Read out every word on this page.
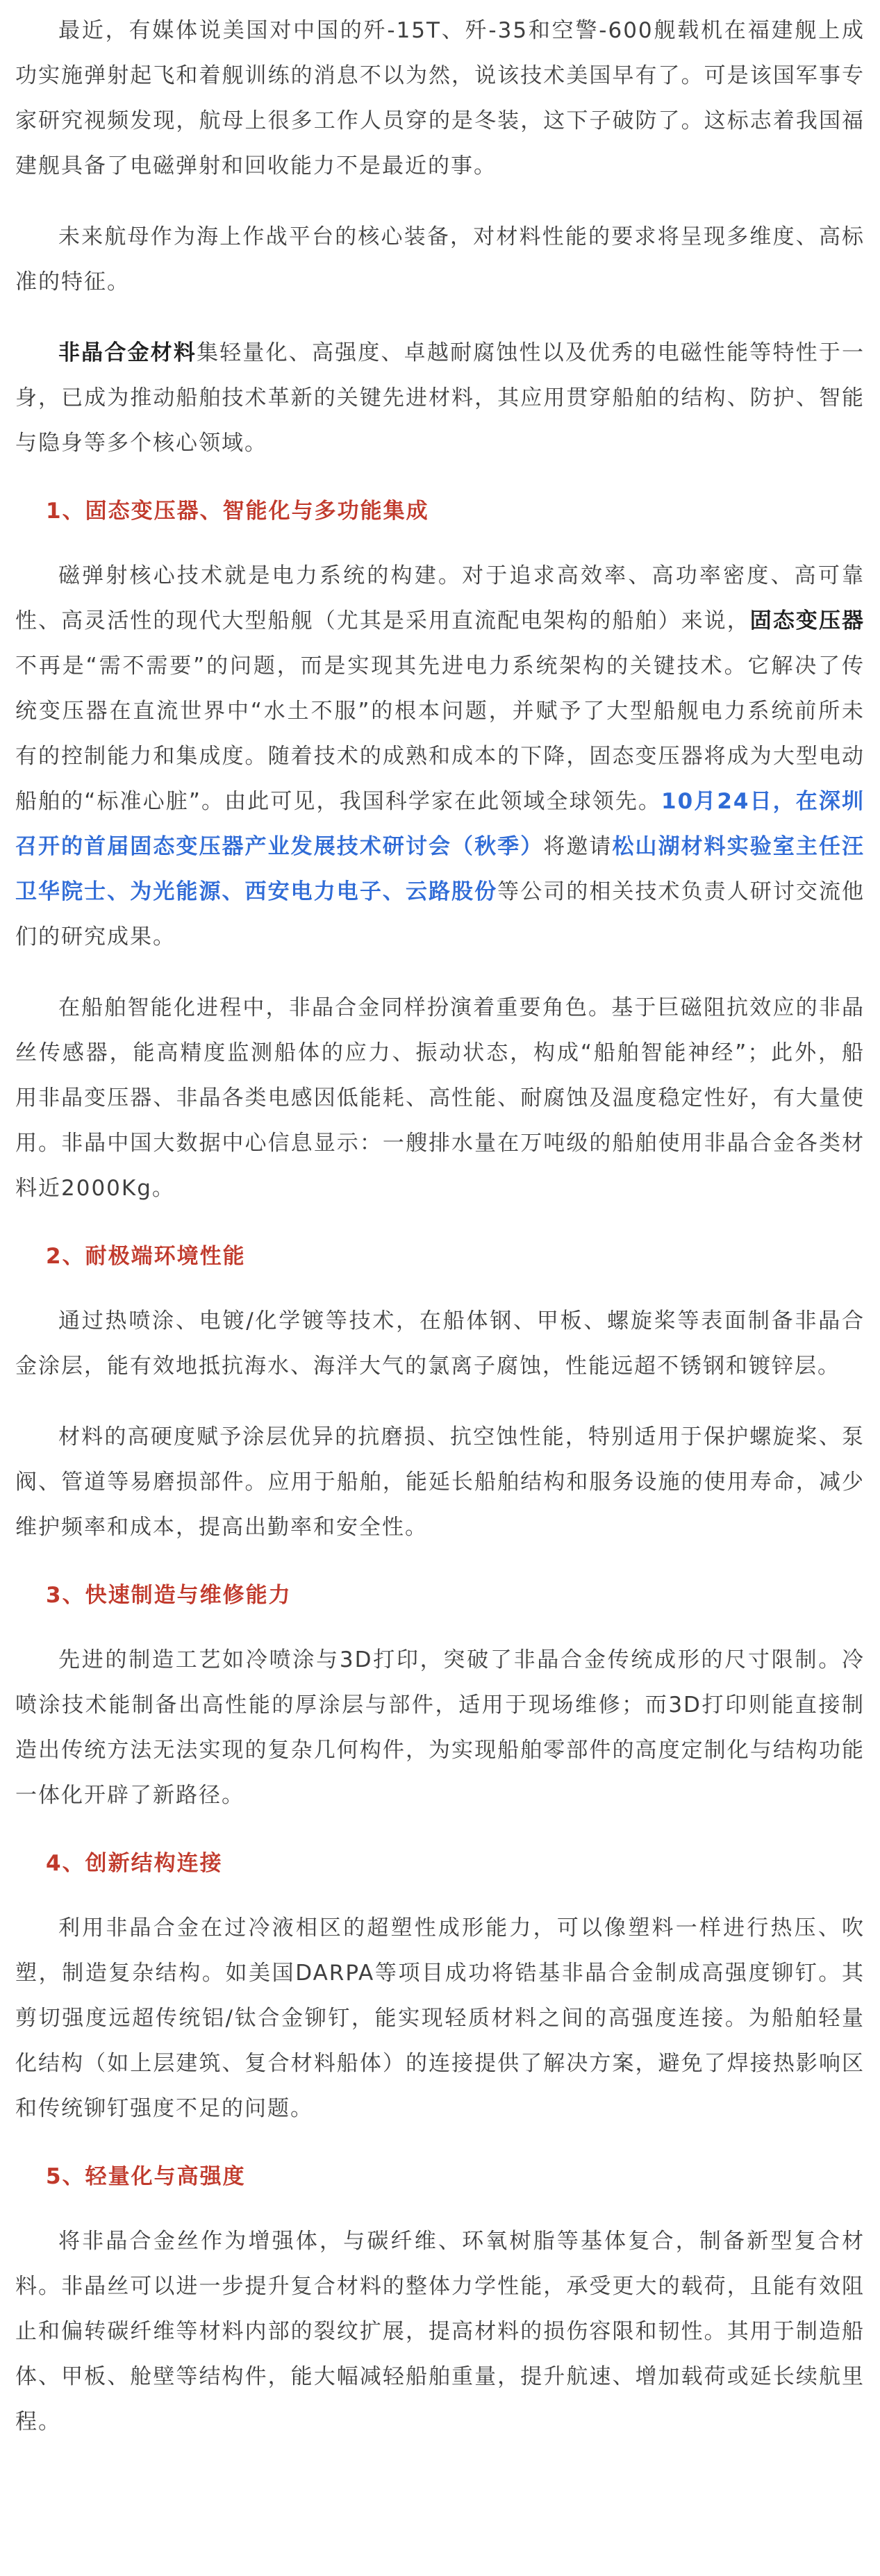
最近，有媒体说美国对中国的歼-15T、歼-35和空警-600舰载机在福建舰上成功实施弹射起飞和着舰训练的消息不以为然，说该技术美国早有了。可是该国军事专家研究视频发现，航母上很多工作人员穿的是冬装，这下子破防了。这标志着我国福建舰具备了电磁弹射和回收能力不是最近的事。

未来航母作为海上作战平台的核心装备，对材料性能的要求将呈现多维度、高标准的特征。

非晶合金材料集轻量化、高强度、卓越耐腐蚀性以及优秀的电磁性能等特性于一身，已成为推动船舶技术革新的关键先进材料，其应用贯穿船舶的结构、防护、智能与隐身等多个核心领域。

1、固态变压器、智能化与多功能集成

磁弹射核心技术就是电力系统的构建。对于追求高效率、高功率密度、高可靠性、高灵活性的现代大型船舰（尤其是采用直流配电架构的船舶）来说，固态变压器不再是“需不需要”的问题，而是实现其先进电力系统架构的关键技术。它解决了传统变压器在直流世界中“水土不服”的根本问题，并赋予了大型船舰电力系统前所未有的控制能力和集成度。随着技术的成熟和成本的下降，固态变压器将成为大型电动船舶的“标准心脏”。由此可见，我国科学家在此领域全球领先。10月24日，在深圳召开的首届固态变压器产业发展技术研讨会（秋季）将邀请松山湖材料实验室主任汪卫华院士、为光能源、西安电力电子、云路股份等公司的相关技术负责人研讨交流他们的研究成果。

在船舶智能化进程中，非晶合金同样扮演着重要角色。基于巨磁阻抗效应的非晶丝传感器，能高精度监测船体的应力、振动状态，构成“船舶智能神经”；此外，船用非晶变压器、非晶各类电感因低能耗、高性能、耐腐蚀及温度稳定性好，有大量使用。非晶中国大数据中心信息显示：一艘排水量在万吨级的船舶使用非晶合金各类材料近2000Kg。

2、耐极端环境性能

通过热喷涂、电镀/化学镀等技术，在船体钢、甲板、螺旋桨等表面制备非晶合金涂层，能有效地抵抗海水、海洋大气的氯离子腐蚀，性能远超不锈钢和镀锌层。

材料的高硬度赋予涂层优异的抗磨损、抗空蚀性能，特别适用于保护螺旋桨、泵阀、管道等易磨损部件。应用于船舶，能延长船舶结构和服务设施的使用寿命，减少维护频率和成本，提高出勤率和安全性。

3、快速制造与维修能力

先进的制造工艺如冷喷涂与3D打印，突破了非晶合金传统成形的尺寸限制。冷喷涂技术能制备出高性能的厚涂层与部件，适用于现场维修；而3D打印则能直接制造出传统方法无法实现的复杂几何构件，为实现船舶零部件的高度定制化与结构功能一体化开辟了新路径。

4、创新结构连接

利用非晶合金在过冷液相区的超塑性成形能力，可以像塑料一样进行热压、吹塑，制造复杂结构。如美国DARPA等项目成功将锆基非晶合金制成高强度铆钉。其剪切强度远超传统铝/钛合金铆钉，能实现轻质材料之间的高强度连接。为船舶轻量化结构（如上层建筑、复合材料船体）的连接提供了解决方案，避免了焊接热影响区和传统铆钉强度不足的问题。

5、轻量化与高强度

将非晶合金丝作为增强体，与碳纤维、环氧树脂等基体复合，制备新型复合材料。非晶丝可以进一步提升复合材料的整体力学性能，承受更大的载荷，且能有效阻止和偏转碳纤维等材料内部的裂纹扩展，提高材料的损伤容限和韧性。其用于制造船体、甲板、舱壁等结构件，能大幅减轻船舶重量，提升航速、增加载荷或延长续航里程。
